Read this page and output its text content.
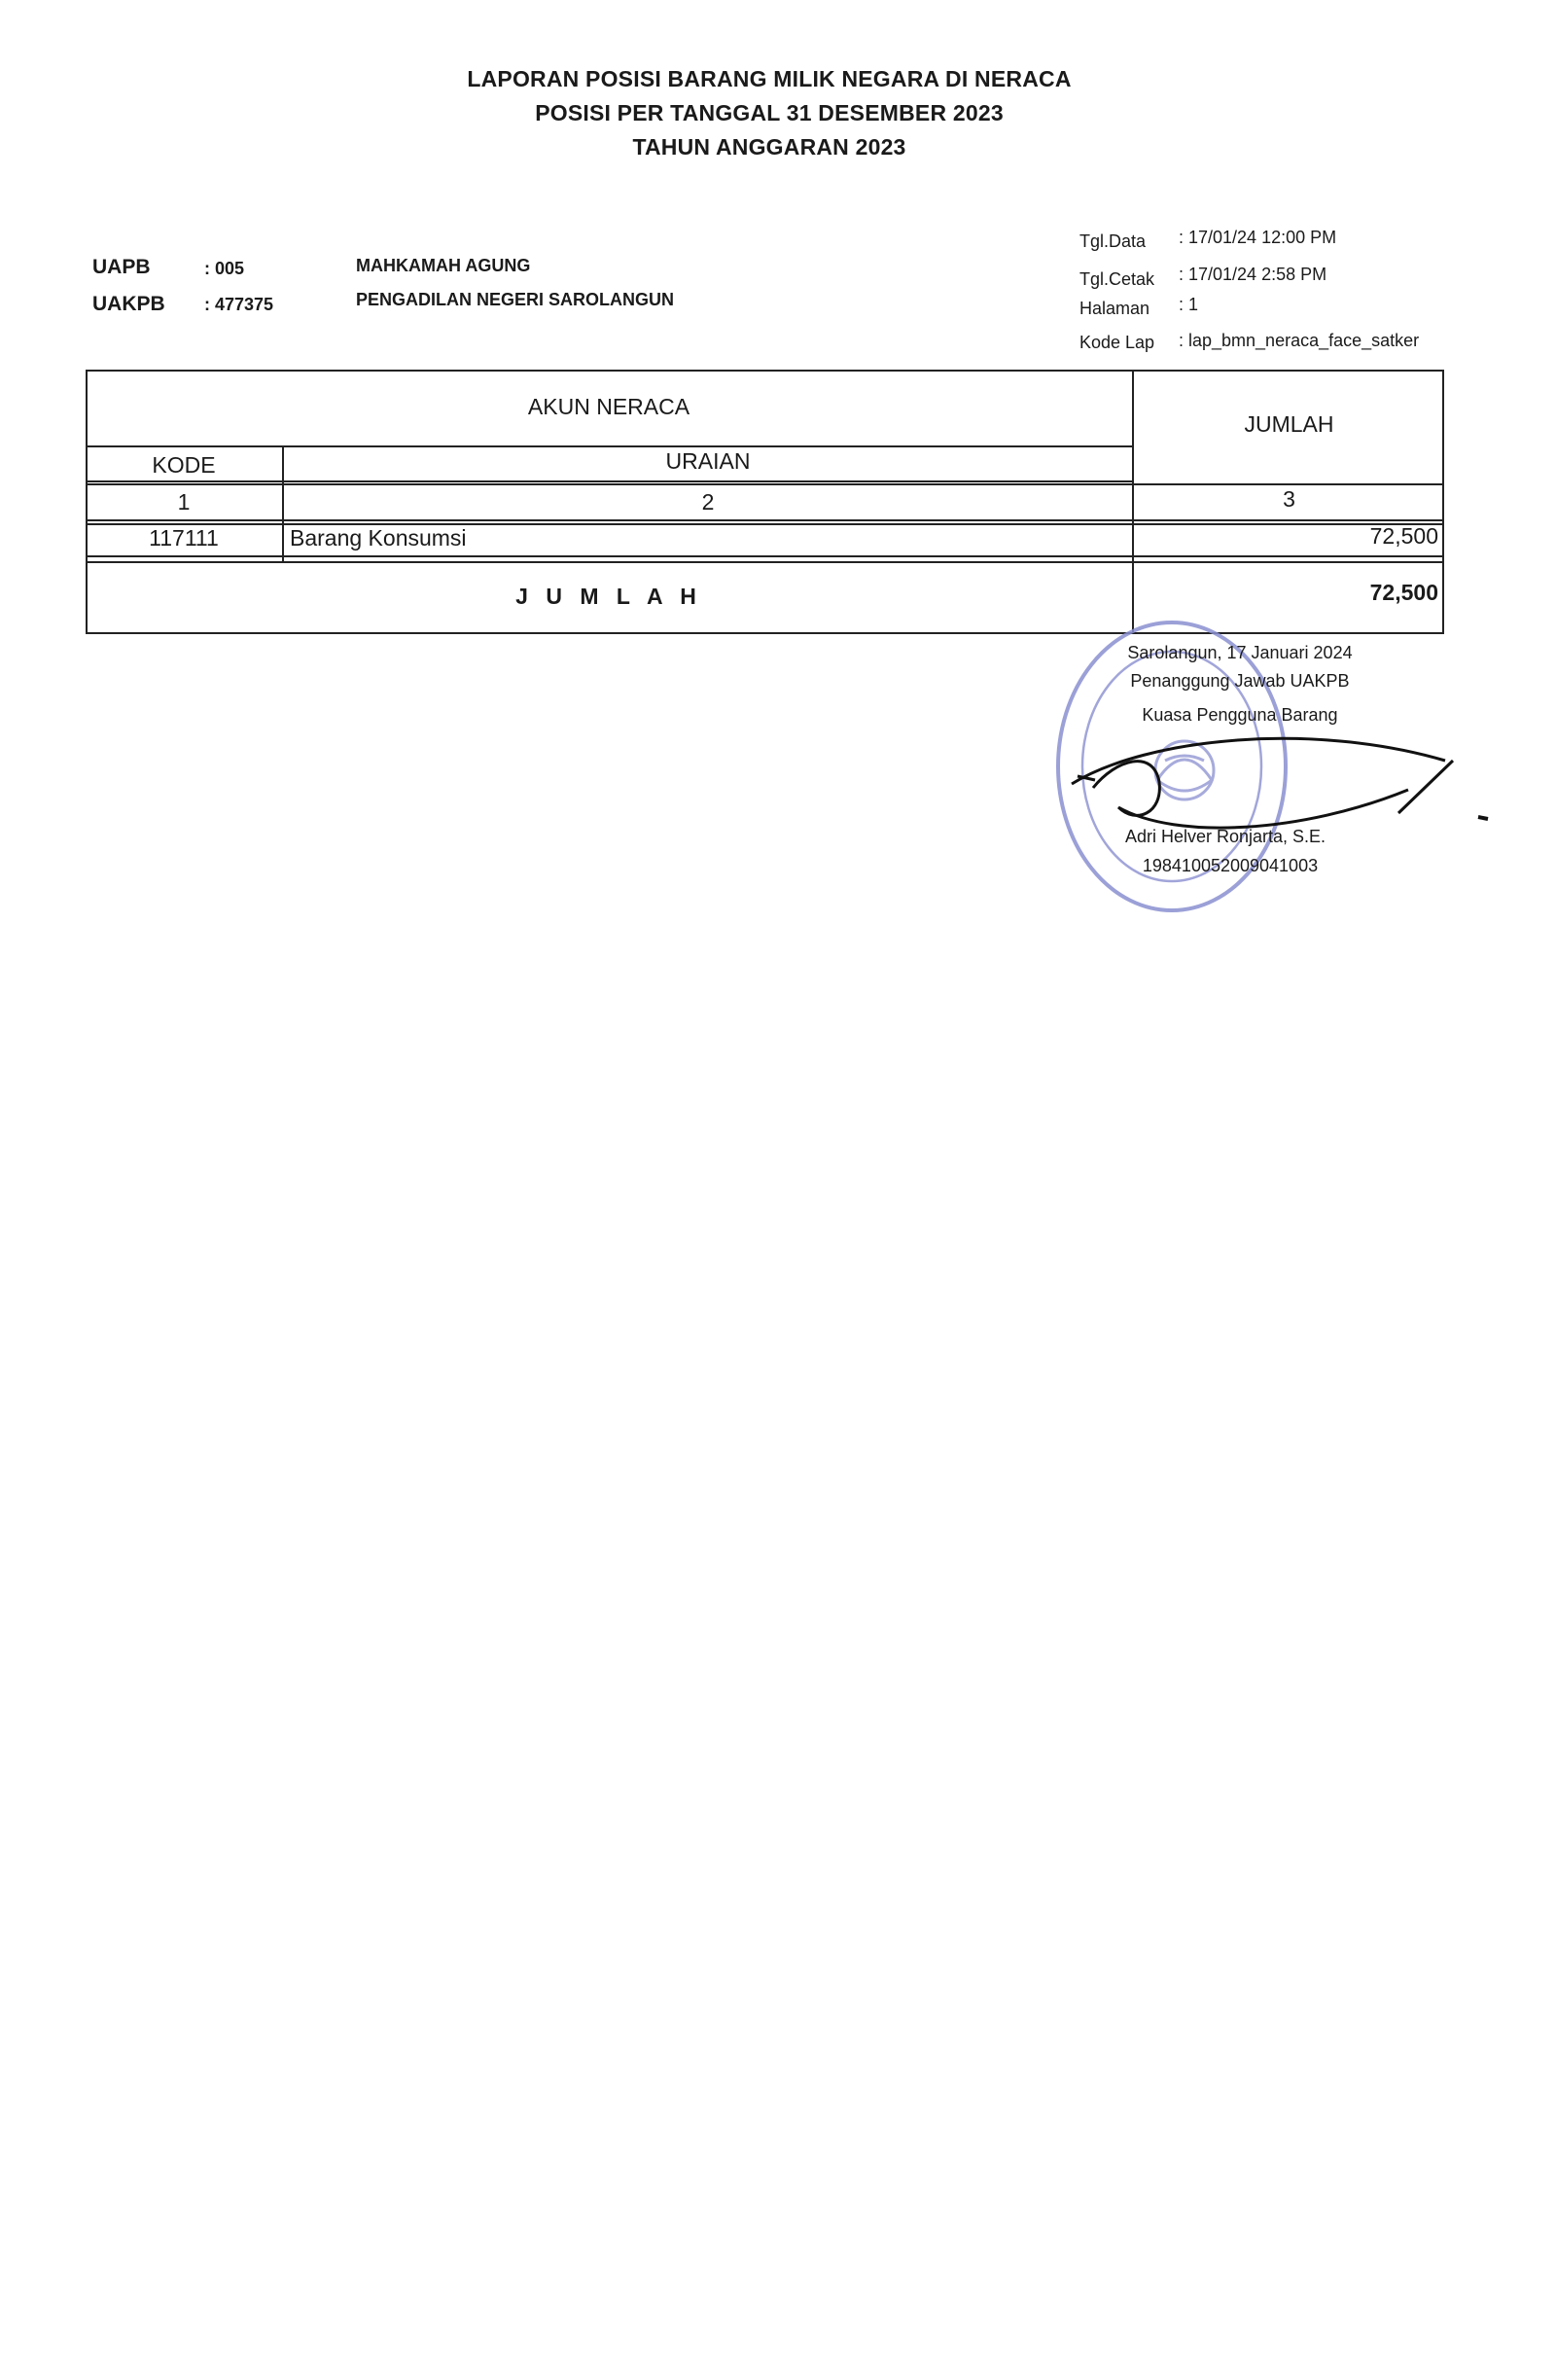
LAPORAN POSISI BARANG MILIK NEGARA DI NERACA
POSISI PER TANGGAL 31 DESEMBER 2023
TAHUN ANGGARAN 2023
UAPB	: 005	MAHKAMAH AGUNG
UAKPB : 477375	PENGADILAN NEGERI SAROLANGUN
Tgl.Data : 17/01/24 12:00 PM
Tgl.Cetak : 17/01/24 2:58 PM
Halaman : 1
Kode Lap : lap_bmn_neraca_face_satker
AKUN NERACA
JUMLAH
KODE	URAIAN
1	2	3
117111	Barang Konsumsi	72,500
J U M L A H	72,500
Sarolangun, 17 Januari 2024
Penanggung Jawab UAKPB
Kuasa Pengguna Barang
Adri Helver Ronjarta, S.E.
198410052009041003
